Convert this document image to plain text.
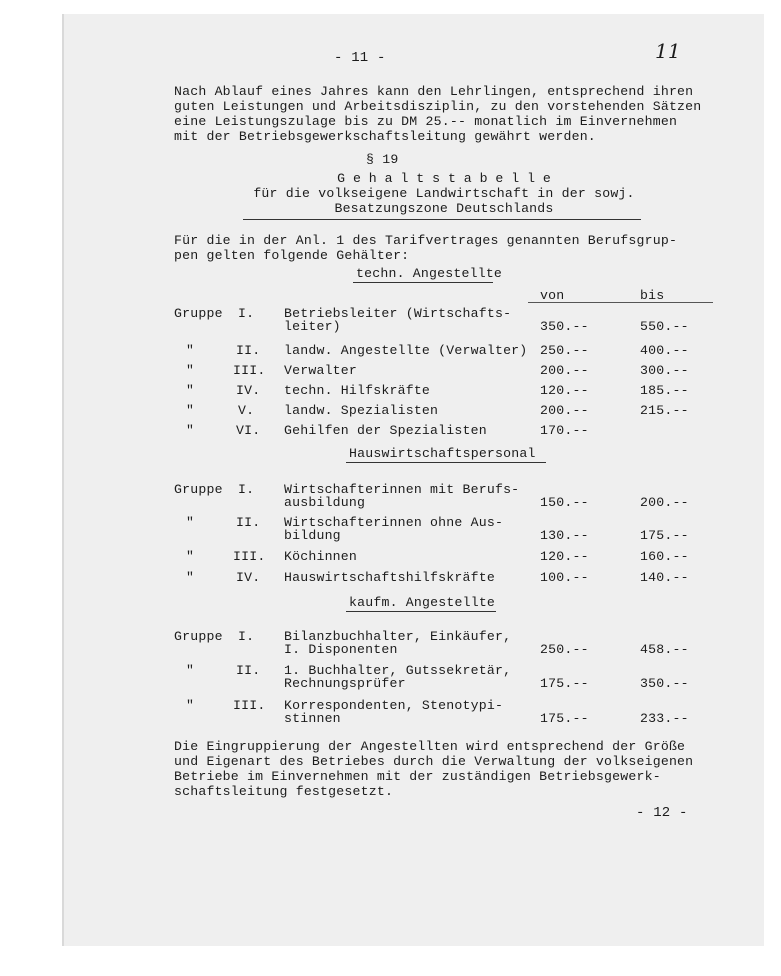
- 11 -	11
Nach Ablauf eines Jahres kann den Lehrlingen, entsprechend ihren
guten Leistungen und Arbeitsdisziplin, zu den vorstehenden Sätzen
eine Leistungszulage bis zu DM 25.-- monatlich im Einvernehmen
mit der Betriebsgewerkschaftsleitung gewährt werden.
§ 19
G e h a l t s t a b e l l e
für die volkseigene Landwirtschaft in der sowj.
Besatzungszone Deutschlands
Für die in der Anl. 1 des Tarifvertrages genannten Berufsgrup-
pen gelten folgende Gehälter:
von	bis
techn. Angestellte
Gruppe I. Betriebsleiter (Wirtschafts-
leiter)	350.--	550.--
"	II. landw. Angestellte (Verwalter) 250.--	400.--
"	III. Verwalter	200.--	300.--
"	IV. techn. Hilfskräfte	120.--	185.--
"	V. landw. Spezialisten	200.--	215.--
"	VI. Gehilfen der Spezialisten	170.--
Hauswirtschaftspersonal
Gruppe I. Wirtschafterinnen mit Berufs-
ausbildung	150.--	200.--
"	II. Wirtschafterinnen ohne Aus-
bildung	130.--	175.--
"	III. Köchinnen	120.--	160.--
"	IV. Hauswirtschaftshilfskräfte	100.--	140.--
kaufm. Angestellte
Gruppe I. Bilanzbuchhalter, Einkäufer,
I. Disponenten	250.--	458.--
"	II. 1. Buchhalter, Gutssekretär,
Rechnungsprüfer	175.--	350.--
"	III. Korrespondenten, Stenotypi-
stinnen	175.--	233.--
Die Eingruppierung der Angestellten wird entsprechend der Größe
und Eigenart des Betriebes durch die Verwaltung der volkseigenen
Betriebe im Einvernehmen mit der zuständigen Betriebsgewerk-
schaftsleitung festgesetzt.
- 12 -
